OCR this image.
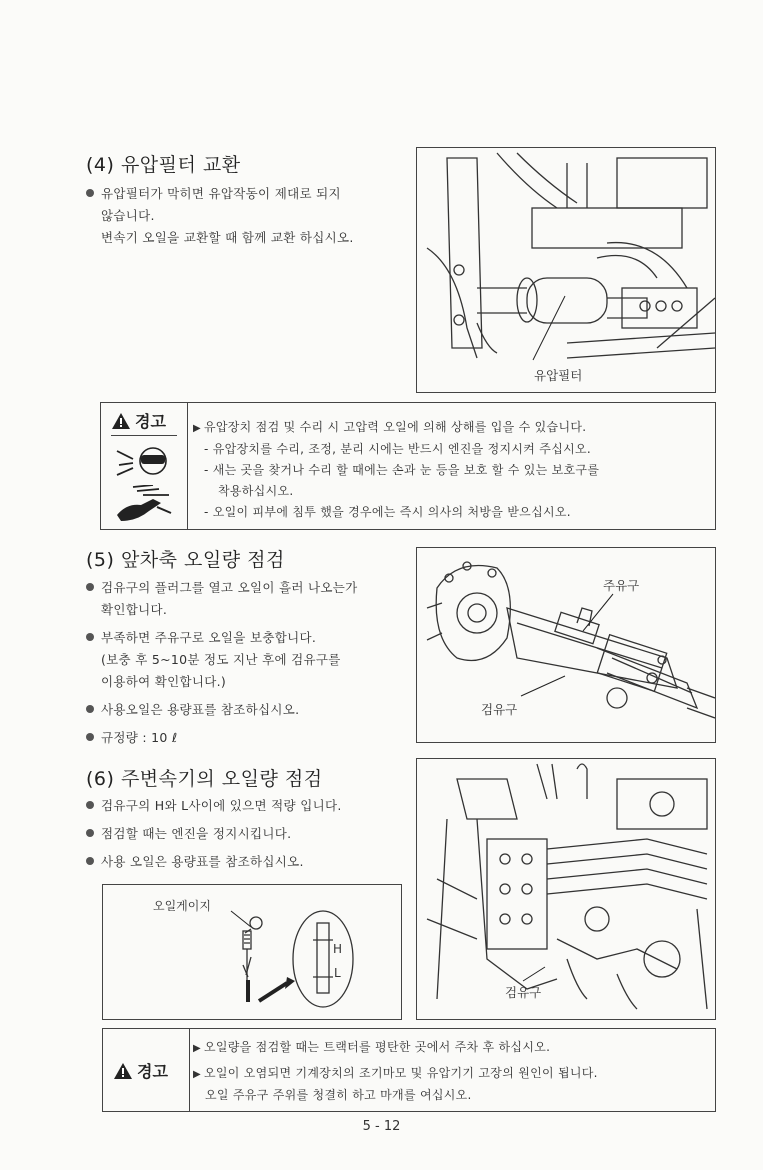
(4) 유압필터 교환
유압필터가 막히면 유압작동이 제대로 되지
않습니다.
변속기 오일을 교환할 때 함께 교환 하십시오.
유압필터
경고	▶ 유압장치 점검 및 수리 시 고압력 오일에 의해 상해를 입을 수 있습니다.
- 유압장치를 수리, 조정, 분리 시에는 반드시 엔진을 정지시켜 주십시오.
- 새는 곳을 찾거나 수리 할 때에는 손과 눈 등을 보호 할 수 있는 보호구를
착용하십시오.
- 오일이 피부에 침투 했을 경우에는 즉시 의사의 처방을 받으십시오.
(5) 앞차축 오일량 점검
검유구의 플러그를 열고 오일이 흘러 나오는가
확인합니다.
부족하면 주유구로 오일을 보충합니다.
(보충 후 5~10분 정도 지난 후에 검유구를
이용하여 확인합니다.)
사용오일은 용량표를 참조하십시오.
규정량 : 10 ℓ
주유구
검유구
(6) 주변속기의 오일량 점검
검유구의 H와 L사이에 있으면 적량 입니다.
점검할 때는 엔진을 정지시킵니다.
사용 오일은 용량표를 참조하십시오.
오일게이지
H
L
검유구
경고
▶ 오일량을 점검할 때는 트랙터를 평탄한 곳에서 주차 후 하십시오.
▶ 오일이 오염되면 기계장치의 조기마모 및 유압기기 고장의 원인이 됩니다.
오일 주유구 주위를 청결히 하고 마개를 여십시오.
5 - 12
